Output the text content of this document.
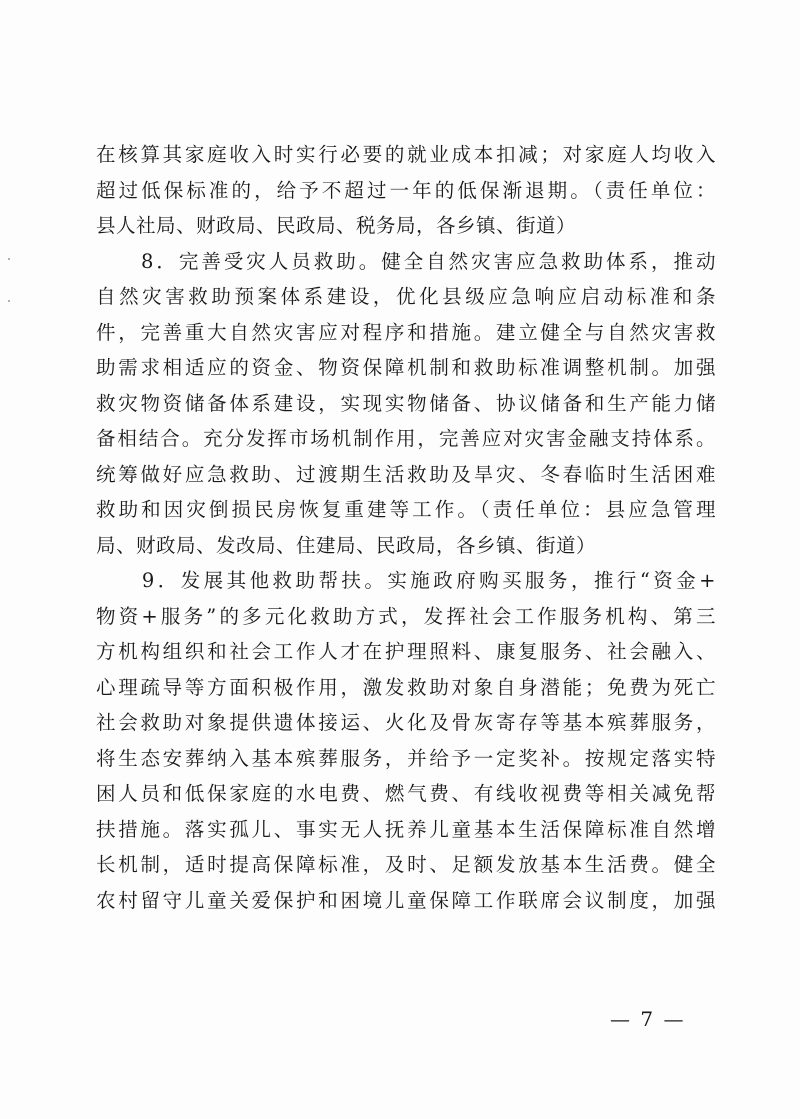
在核算其家庭收入时实行必要的就业成本扣减；对家庭人均收入
超过低保标准的，给予不超过一年的低保渐退期。（责任单位：
县人社局、财政局、民政局、税务局，各乡镇、街道）
　　8．完善受灾人员救助。健全自然灾害应急救助体系，推动
自然灾害救助预案体系建设，优化县级应急响应启动标准和条
件，完善重大自然灾害应对程序和措施。建立健全与自然灾害救
助需求相适应的资金、物资保障机制和救助标准调整机制。加强
救灾物资储备体系建设，实现实物储备、协议储备和生产能力储
备相结合。充分发挥市场机制作用，完善应对灾害金融支持体系。
统筹做好应急救助、过渡期生活救助及旱灾、冬春临时生活困难
救助和因灾倒损民房恢复重建等工作。（责任单位：县应急管理
局、财政局、发改局、住建局、民政局，各乡镇、街道）
　　9．发展其他救助帮扶。实施政府购买服务，推行“资金+
物资+服务”的多元化救助方式，发挥社会工作服务机构、第三
方机构组织和社会工作人才在护理照料、康复服务、社会融入、
心理疏导等方面积极作用，激发救助对象自身潜能；免费为死亡
社会救助对象提供遗体接运、火化及骨灰寄存等基本殡葬服务，
将生态安葬纳入基本殡葬服务，并给予一定奖补。按规定落实特
困人员和低保家庭的水电费、燃气费、有线收视费等相关减免帮
扶措施。落实孤儿、事实无人抚养儿童基本生活保障标准自然增
长机制，适时提高保障标准，及时、足额发放基本生活费。健全
农村留守儿童关爱保护和困境儿童保障工作联席会议制度，加强
— 7 —
